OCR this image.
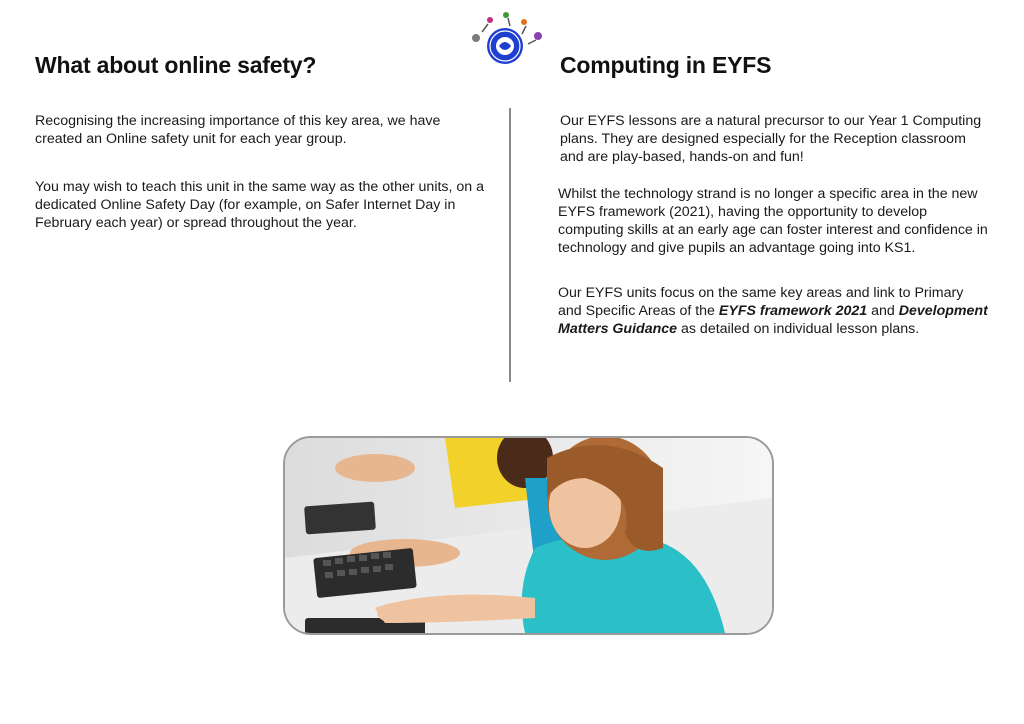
What about online safety?

Recognising the increasing importance of this key area, we have created an Online safety unit for each year group.

You may wish to teach this unit in the same way as the other units, on a dedicated Online Safety Day (for example, on Safer Internet Day in February each year) or spread throughout the year.

Computing in EYFS

Our EYFS lessons are a natural precursor to our Year 1 Computing plans. They are designed especially for the Reception classroom and are play-based, hands-on and fun!

Whilst the technology strand is no longer a specific area in the new EYFS framework (2021), having the opportunity to develop computing skills at an early age can foster interest and confidence in technology and give pupils an advantage going into KS1.

Our EYFS units focus on the same key areas and link to Primary and Specific Areas of the EYFS framework 2021 and Development Matters Guidance as detailed on individual lesson plans.
